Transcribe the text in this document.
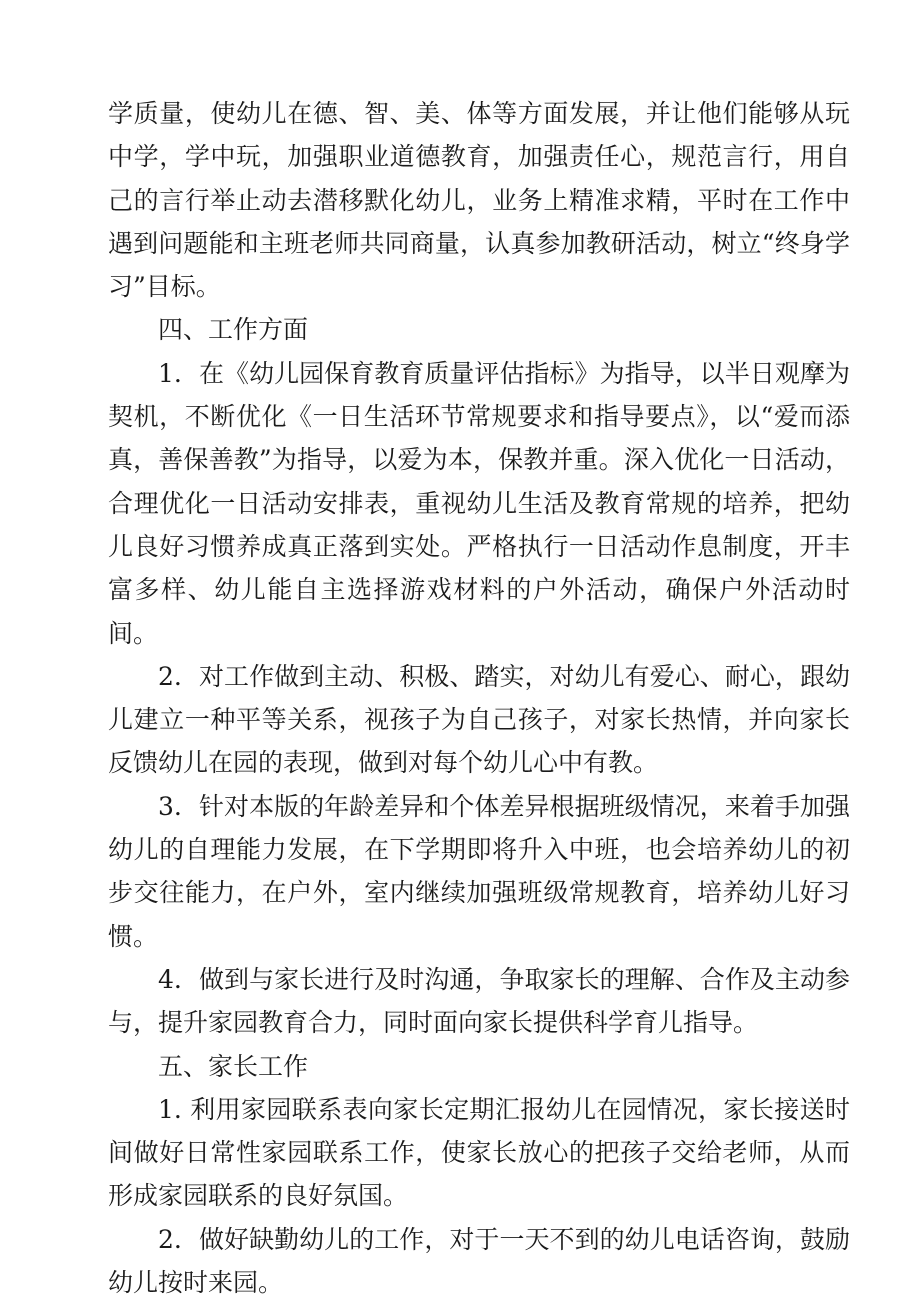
学质量，使幼儿在德、智、美、体等方面发展，并让他们能够从玩中学，学中玩，加强职业道德教育，加强责任心，规范言行，用自己的言行举止动去潜移默化幼儿，业务上精准求精，平时在工作中遇到问题能和主班老师共同商量，认真参加教研活动，树立“终身学习”目标。

四、工作方面

1．在《幼儿园保育教育质量评估指标》为指导，以半日观摩为契机，不断优化《一日生活环节常规要求和指导要点》，以“爱而添真，善保善教”为指导，以爱为本，保教并重。深入优化一日活动，合理优化一日活动安排表，重视幼儿生活及教育常规的培养，把幼儿良好习惯养成真正落到实处。严格执行一日活动作息制度，开丰富多样、幼儿能自主选择游戏材料的户外活动，确保户外活动时间。

2．对工作做到主动、积极、踏实，对幼儿有爱心、耐心，跟幼儿建立一种平等关系，视孩子为自己孩子，对家长热情，并向家长反馈幼儿在园的表现，做到对每个幼儿心中有教。

3．针对本版的年龄差异和个体差异根据班级情况，来着手加强幼儿的自理能力发展，在下学期即将升入中班，也会培养幼儿的初步交往能力，在户外，室内继续加强班级常规教育，培养幼儿好习惯。

4．做到与家长进行及时沟通，争取家长的理解、合作及主动参与，提升家园教育合力，同时面向家长提供科学育儿指导。

五、家长工作

1. 利用家园联系表向家长定期汇报幼儿在园情况，家长接送时间做好日常性家园联系工作，使家长放心的把孩子交给老师，从而形成家园联系的良好氛国。

2．做好缺勤幼儿的工作，对于一天不到的幼儿电话咨询，鼓励幼儿按时来园。
